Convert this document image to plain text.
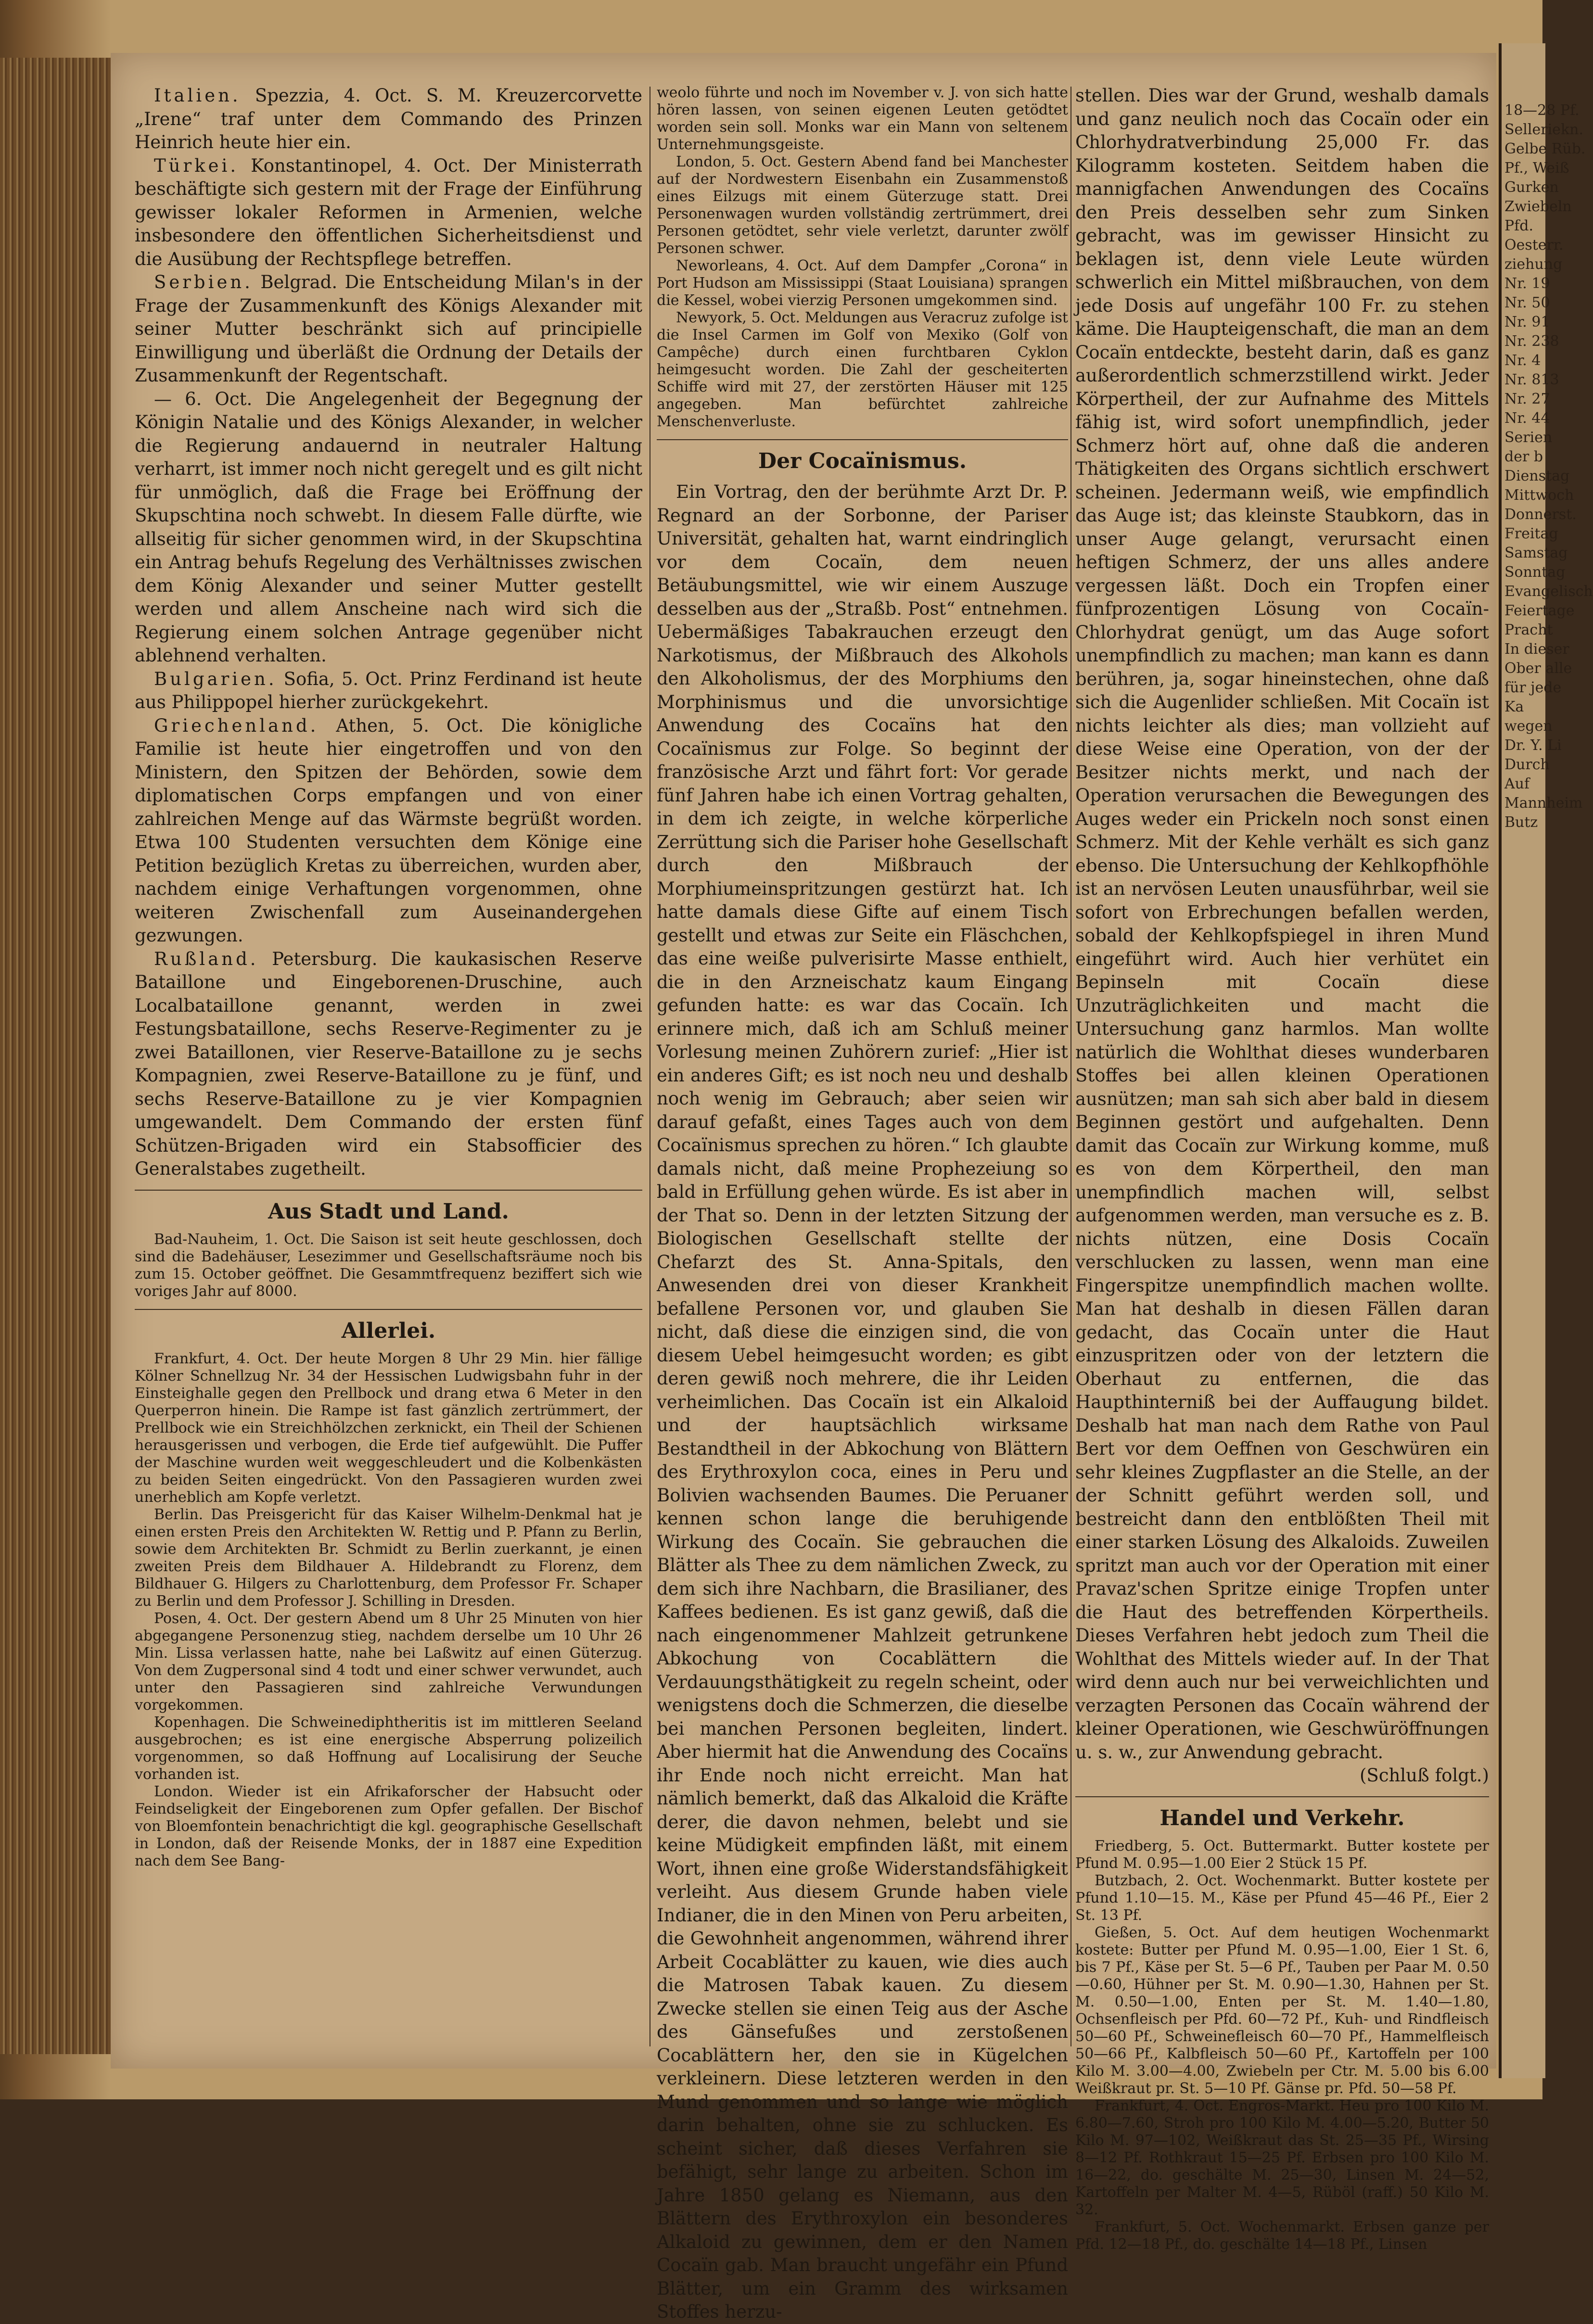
Italien. Spezzia, 4. Oct. S. M. Kreuzercorvette „Irene“ traf unter dem Commando des Prinzen Heinrich heute hier ein.

Türkei. Konstantinopel, 4. Oct. Der Ministerrath beschäftigte sich gestern mit der Frage der Einführung gewisser lokaler Reformen in Armenien, welche insbesondere den öffentlichen Sicherheitsdienst und die Ausübung der Rechtspflege betreffen.

Serbien. Belgrad. Die Entscheidung Milan's in der Frage der Zusammenkunft des Königs Alexander mit seiner Mutter beschränkt sich auf principielle Einwilligung und überläßt die Ordnung der Details der Zusammenkunft der Regentschaft.

— 6. Oct. Die Angelegenheit der Begegnung der Königin Natalie und des Königs Alexander, in welcher die Regierung andauernd in neutraler Haltung verharrt, ist immer noch nicht geregelt und es gilt nicht für unmöglich, daß die Frage bei Eröffnung der Skupschtina noch schwebt. In diesem Falle dürfte, wie allseitig für sicher genommen wird, in der Skupschtina ein Antrag behufs Regelung des Verhältnisses zwischen dem König Alexander und seiner Mutter gestellt werden und allem Anscheine nach wird sich die Regierung einem solchen Antrage gegenüber nicht ablehnend verhalten.

Bulgarien. Sofia, 5. Oct. Prinz Ferdinand ist heute aus Philippopel hierher zurückgekehrt.

Griechenland. Athen, 5. Oct. Die königliche Familie ist heute hier eingetroffen und von den Ministern, den Spitzen der Behörden, sowie dem diplomatischen Corps empfangen und von einer zahlreichen Menge auf das Wärmste begrüßt worden. Etwa 100 Studenten versuchten dem Könige eine Petition bezüglich Kretas zu überreichen, wurden aber, nachdem einige Verhaftungen vorgenommen, ohne weiteren Zwischenfall zum Auseinandergehen gezwungen.

Rußland. Petersburg. Die kaukasischen Reserve Bataillone und Eingeborenen-Druschine, auch Localbataillone genannt, werden in zwei Festungsbataillone, sechs Reserve-Regimenter zu je zwei Bataillonen, vier Reserve-Bataillone zu je sechs Kompagnien, zwei Reserve-Bataillone zu je fünf, und sechs Reserve-Bataillone zu je vier Kompagnien umgewandelt. Dem Commando der ersten fünf Schützen-Brigaden wird ein Stabsofficier des Generalstabes zugetheilt.

Aus Stadt und Land.

Bad-Nauheim, 1. Oct. Die Saison ist seit heute geschlossen, doch sind die Badehäuser, Lesezimmer und Gesellschaftsräume noch bis zum 15. October geöffnet. Die Gesammtfrequenz beziffert sich wie voriges Jahr auf 8000.

Allerlei.

Frankfurt, 4. Oct. Der heute Morgen 8 Uhr 29 Min. hier fällige Kölner Schnellzug Nr. 34 der Hessischen Ludwigsbahn fuhr in der Einsteighalle gegen den Prellbock und drang etwa 6 Meter in den Querperron hinein. Die Rampe ist fast gänzlich zertrümmert, der Prellbock wie ein Streichhölzchen zerknickt, ein Theil der Schienen herausgerissen und verbogen, die Erde tief aufgewühlt. Die Puffer der Maschine wurden weit weggeschleudert und die Kolbenkästen zu beiden Seiten eingedrückt. Von den Passagieren wurden zwei unerheblich am Kopfe verletzt.

Berlin. Das Preisgericht für das Kaiser Wilhelm-Denkmal hat je einen ersten Preis den Architekten W. Rettig und P. Pfann zu Berlin, sowie dem Architekten Br. Schmidt zu Berlin zuerkannt, je einen zweiten Preis dem Bildhauer A. Hildebrandt zu Florenz, dem Bildhauer G. Hilgers zu Charlottenburg, dem Professor Fr. Schaper zu Berlin und dem Professor J. Schilling in Dresden.

Posen, 4. Oct. Der gestern Abend um 8 Uhr 25 Minuten von hier abgegangene Personenzug stieg, nachdem derselbe um 10 Uhr 26 Min. Lissa verlassen hatte, nahe bei Laßwitz auf einen Güterzug. Von dem Zugpersonal sind 4 todt und einer schwer verwundet, auch unter den Passagieren sind zahlreiche Verwundungen vorgekommen.

Kopenhagen. Die Schweinediphtheritis ist im mittleren Seeland ausgebrochen; es ist eine energische Absperrung polizeilich vorgenommen, so daß Hoffnung auf Localisirung der Seuche vorhanden ist.

London. Wieder ist ein Afrikaforscher der Habsucht oder Feindseligkeit der Eingeborenen zum Opfer gefallen. Der Bischof von Bloemfontein benachrichtigt die kgl. geographische Gesellschaft in London, daß der Reisende Monks, der in 1887 eine Expedition nach dem See Bang-

weolo führte und noch im November v. J. von sich hatte hören lassen, von seinen eigenen Leuten getödtet worden sein soll. Monks war ein Mann von seltenem Unternehmungsgeiste.

London, 5. Oct. Gestern Abend fand bei Manchester auf der Nordwestern Eisenbahn ein Zusammenstoß eines Eilzugs mit einem Güterzuge statt. Drei Personenwagen wurden vollständig zertrümmert, drei Personen getödtet, sehr viele verletzt, darunter zwölf Personen schwer.

Neworleans, 4. Oct. Auf dem Dampfer „Corona“ in Port Hudson am Mississippi (Staat Louisiana) sprangen die Kessel, wobei vierzig Personen umgekommen sind.

Newyork, 5. Oct. Meldungen aus Veracruz zufolge ist die Insel Carmen im Golf von Mexiko (Golf von Campêche) durch einen furchtbaren Cyklon heimgesucht worden. Die Zahl der gescheiterten Schiffe wird mit 27, der zerstörten Häuser mit 125 angegeben. Man befürchtet zahlreiche Menschenverluste.

Der Cocaïnismus.

Ein Vortrag, den der berühmte Arzt Dr. P. Regnard an der Sorbonne, der Pariser Universität, gehalten hat, warnt eindringlich vor dem Cocaïn, dem neuen Betäubungsmittel, wie wir einem Auszuge desselben aus der „Straßb. Post“ entnehmen. Uebermäßiges Tabakrauchen erzeugt den Narkotismus, der Mißbrauch des Alkohols den Alkoholismus, der des Morphiums den Morphinismus und die unvorsichtige Anwendung des Cocaïns hat den Cocaïnismus zur Folge. So beginnt der französische Arzt und fährt fort: Vor gerade fünf Jahren habe ich einen Vortrag gehalten, in dem ich zeigte, in welche körperliche Zerrüttung sich die Pariser hohe Gesellschaft durch den Mißbrauch der Morphiumeinspritzungen gestürzt hat. Ich hatte damals diese Gifte auf einem Tisch gestellt und etwas zur Seite ein Fläschchen, das eine weiße pulverisirte Masse enthielt, die in den Arzneischatz kaum Eingang gefunden hatte: es war das Cocaïn. Ich erinnere mich, daß ich am Schluß meiner Vorlesung meinen Zuhörern zurief: „Hier ist ein anderes Gift; es ist noch neu und deshalb noch wenig im Gebrauch; aber seien wir darauf gefaßt, eines Tages auch von dem Cocaïnismus sprechen zu hören.“ Ich glaubte damals nicht, daß meine Prophezeiung so bald in Erfüllung gehen würde. Es ist aber in der That so. Denn in der letzten Sitzung der Biologischen Gesellschaft stellte der Chefarzt des St. Anna-Spitals, den Anwesenden drei von dieser Krankheit befallene Personen vor, und glauben Sie nicht, daß diese die einzigen sind, die von diesem Uebel heimgesucht worden; es gibt deren gewiß noch mehrere, die ihr Leiden verheimlichen. Das Cocaïn ist ein Alkaloid und der hauptsächlich wirksame Bestandtheil in der Abkochung von Blättern des Erythroxylon coca, eines in Peru und Bolivien wachsenden Baumes. Die Peruaner kennen schon lange die beruhigende Wirkung des Cocaïn. Sie gebrauchen die Blätter als Thee zu dem nämlichen Zweck, zu dem sich ihre Nachbarn, die Brasilianer, des Kaffees bedienen. Es ist ganz gewiß, daß die nach eingenommener Mahlzeit getrunkene Abkochung von Cocablättern die Verdauungsthätigkeit zu regeln scheint, oder wenigstens doch die Schmerzen, die dieselbe bei manchen Personen begleiten, lindert. Aber hiermit hat die Anwendung des Cocaïns ihr Ende noch nicht erreicht. Man hat nämlich bemerkt, daß das Alkaloid die Kräfte derer, die davon nehmen, belebt und sie keine Müdigkeit empfinden läßt, mit einem Wort, ihnen eine große Widerstandsfähigkeit verleiht. Aus diesem Grunde haben viele Indianer, die in den Minen von Peru arbeiten, die Gewohnheit angenommen, während ihrer Arbeit Cocablätter zu kauen, wie dies auch die Matrosen Tabak kauen. Zu diesem Zwecke stellen sie einen Teig aus der Asche des Gänsefußes und zerstoßenen Cocablättern her, den sie in Kügelchen verkleinern. Diese letzteren werden in den Mund genommen und so lange wie möglich darin behalten, ohne sie zu schlucken. Es scheint sicher, daß dieses Verfahren sie befähigt, sehr lange zu arbeiten. Schon im Jahre 1850 gelang es Niemann, aus den Blättern des Erythroxylon ein besonderes Alkaloid zu gewinnen, dem er den Namen Cocaïn gab. Man braucht ungefähr ein Pfund Blätter, um ein Gramm des wirksamen Stoffes herzu-

stellen. Dies war der Grund, weshalb damals und ganz neulich noch das Cocaïn oder ein Chlorhydratverbindung 25,000 Fr. das Kilogramm kosteten. Seitdem haben die mannigfachen Anwendungen des Cocaïns den Preis desselben sehr zum Sinken gebracht, was im gewisser Hinsicht zu beklagen ist, denn viele Leute würden schwerlich ein Mittel mißbrauchen, von dem jede Dosis auf ungefähr 100 Fr. zu stehen käme. Die Haupteigenschaft, die man an dem Cocaïn entdeckte, besteht darin, daß es ganz außerordentlich schmerzstillend wirkt. Jeder Körpertheil, der zur Aufnahme des Mittels fähig ist, wird sofort unempfindlich, jeder Schmerz hört auf, ohne daß die anderen Thätigkeiten des Organs sichtlich erschwert scheinen. Jedermann weiß, wie empfindlich das Auge ist; das kleinste Staubkorn, das in unser Auge gelangt, verursacht einen heftigen Schmerz, der uns alles andere vergessen läßt. Doch ein Tropfen einer fünfprozentigen Lösung von Cocaïn-Chlorhydrat genügt, um das Auge sofort unempfindlich zu machen; man kann es dann berühren, ja, sogar hineinstechen, ohne daß sich die Augenlider schließen. Mit Cocaïn ist nichts leichter als dies; man vollzieht auf diese Weise eine Operation, von der der Besitzer nichts merkt, und nach der Operation verursachen die Bewegungen des Auges weder ein Prickeln noch sonst einen Schmerz. Mit der Kehle verhält es sich ganz ebenso. Die Untersuchung der Kehlkopfhöhle ist an nervösen Leuten unausführbar, weil sie sofort von Erbrechungen befallen werden, sobald der Kehlkopfspiegel in ihren Mund eingeführt wird. Auch hier verhütet ein Bepinseln mit Cocaïn diese Unzuträglichkeiten und macht die Untersuchung ganz harmlos. Man wollte natürlich die Wohlthat dieses wunderbaren Stoffes bei allen kleinen Operationen ausnützen; man sah sich aber bald in diesem Beginnen gestört und aufgehalten. Denn damit das Cocaïn zur Wirkung komme, muß es von dem Körpertheil, den man unempfindlich machen will, selbst aufgenommen werden, man versuche es z. B. nichts nützen, eine Dosis Cocaïn verschlucken zu lassen, wenn man eine Fingerspitze unempfindlich machen wollte. Man hat deshalb in diesen Fällen daran gedacht, das Cocaïn unter die Haut einzuspritzen oder von der letztern die Oberhaut zu entfernen, die das Haupthinterniß bei der Auffaugung bildet. Deshalb hat man nach dem Rathe von Paul Bert vor dem Oeffnen von Geschwüren ein sehr kleines Zugpflaster an die Stelle, an der der Schnitt geführt werden soll, und bestreicht dann den entblößten Theil mit einer starken Lösung des Alkaloids. Zuweilen spritzt man auch vor der Operation mit einer Pravaz'schen Spritze einige Tropfen unter die Haut des betreffenden Körpertheils. Dieses Verfahren hebt jedoch zum Theil die Wohlthat des Mittels wieder auf. In der That wird denn auch nur bei verweichlichten und verzagten Personen das Cocaïn während der kleiner Operationen, wie Geschwüröffnungen u. s. w., zur Anwendung gebracht.

(Schluß folgt.)
Handel und Verkehr.

Friedberg, 5. Oct. Buttermarkt. Butter kostete per Pfund M. 0.95—1.00 Eier 2 Stück 15 Pf.

Butzbach, 2. Oct. Wochenmarkt. Butter kostete per Pfund 1.10—15. M., Käse per Pfund 45—46 Pf., Eier 2 St. 13 Pf.

Gießen, 5. Oct. Auf dem heutigen Wochenmarkt kostete: Butter per Pfund M. 0.95—1.00, Eier 1 St. 6, bis 7 Pf., Käse per St. 5—6 Pf., Tauben per Paar M. 0.50—0.60, Hühner per St. M. 0.90—1.30, Hahnen per St. M. 0.50—1.00, Enten per St. M. 1.40—1.80, Ochsenfleisch per Pfd. 60—72 Pf., Kuh- und Rindfleisch 50—60 Pf., Schweinefleisch 60—70 Pf., Hammelfleisch 50—66 Pf., Kalbfleisch 50—60 Pf., Kartoffeln per 100 Kilo M. 3.00—4.00, Zwiebeln per Ctr. M. 5.00 bis 6.00 Weißkraut pr. St. 5—10 Pf. Gänse pr. Pfd. 50—58 Pf.

Frankfurt, 4. Oct. Engros-Markt. Heu pro 100 Kilo M. 6.80—7.60, Stroh pro 100 Kilo M. 4.00—5.20, Butter 50 Kilo M. 97—102, Weißkraut das St. 25—35 Pf., Wirsing 8—12 Pf. Rothkraut 15—25 Pf. Erbsen pro 100 Kilo M. 16—22, do. geschälte M. 25—30, Linsen M. 24—52, Kartoffeln per Malter M. 4—5, Rüböl (raff.) 50 Kilo M. 32.

Frankfurt, 5. Oct. Wochenmarkt. Erbsen ganze per Pfd. 12—18 Pf., do. geschälte 14—18 Pf., Linsen

18—28 Pf.
Selleriekn.
Gelbe Rüb.
Pf., Weiß
Gurken
Zwiebeln
Pfd.
Oesterr.
ziehung
Nr. 19
Nr. 50
Nr. 91
Nr. 238
Nr. 4
Nr. 813
Nr. 27
Nr. 44
Serien
der b
Dienstag
Mittwoch
Donnerst.
Freitag
Samstag
Sonntag
Evangelisch
Feiertage
Pracht
In dieser
Ober alle
für jede
Ka
wegen
Dr. Y. Li
Durch
Auf
Mannheim
Butz
